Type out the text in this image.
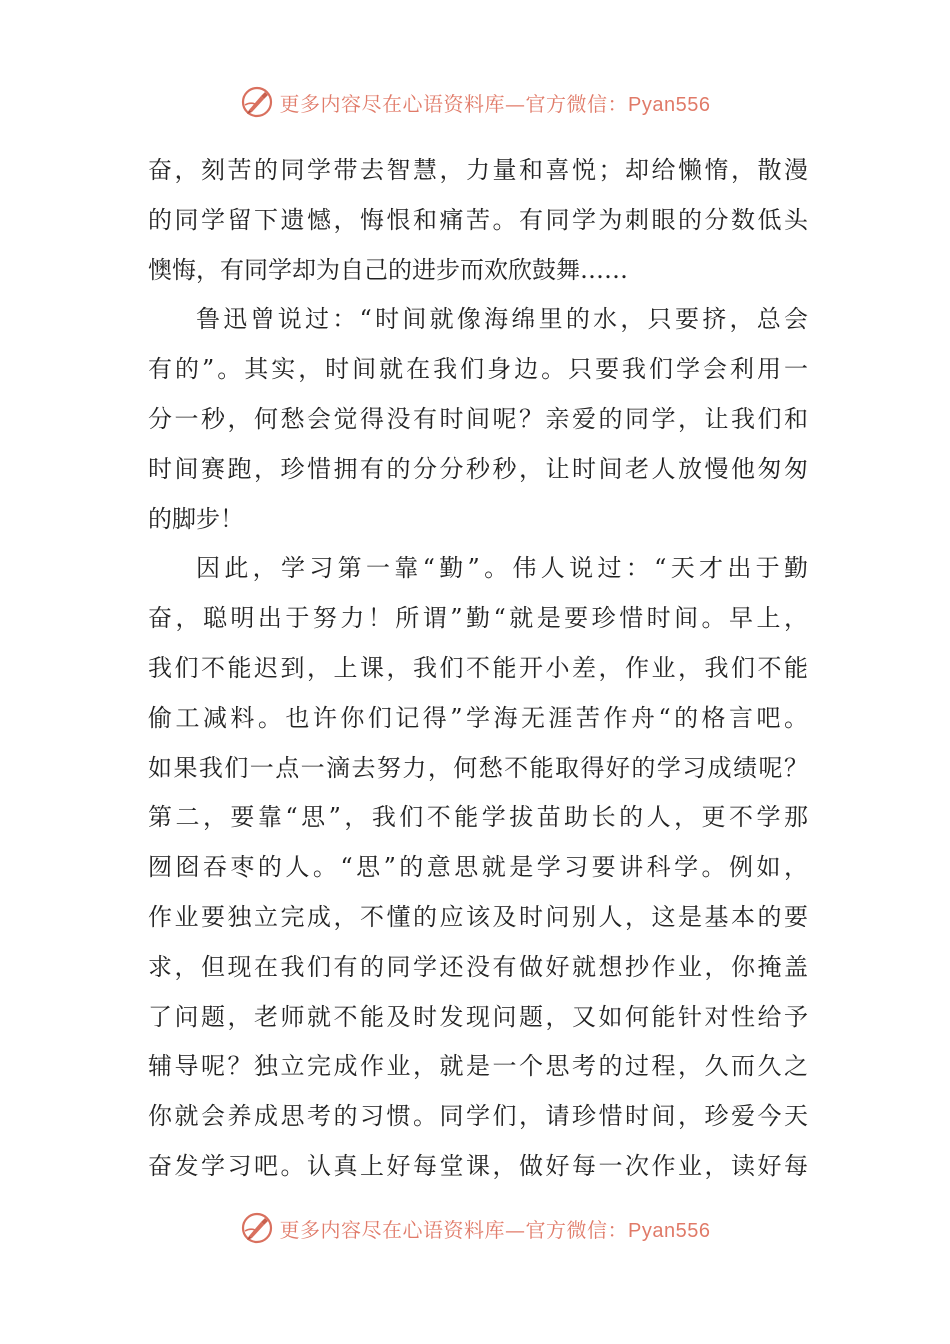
更多内容尽在心语资料库—官方微信：Pyan556
奋，刻苦的同学带去智慧，力量和喜悦；却给懒惰，散漫
的同学留下遗憾，悔恨和痛苦。有同学为刺眼的分数低头
懊悔，有同学却为自己的进步而欢欣鼓舞……
鲁迅曾说过：“时间就像海绵里的水，只要挤，总会
有的”。其实，时间就在我们身边。只要我们学会利用一
分一秒，何愁会觉得没有时间呢？亲爱的同学，让我们和
时间赛跑，珍惜拥有的分分秒秒，让时间老人放慢他匆匆
的脚步！
因此，学习第一靠“勤”。伟人说过：“天才出于勤
奋，聪明出于努力！所谓”勤“就是要珍惜时间。早上，
我们不能迟到，上课，我们不能开小差，作业，我们不能
偷工减料。也许你们记得”学海无涯苦作舟“的格言吧。
如果我们一点一滴去努力，何愁不能取得好的学习成绩呢？
第二，要靠“思”，我们不能学拔苗助长的人，更不学那
囫囵吞枣的人。“思”的意思就是学习要讲科学。例如，
作业要独立完成，不懂的应该及时问别人，这是基本的要
求，但现在我们有的同学还没有做好就想抄作业，你掩盖
了问题，老师就不能及时发现问题，又如何能针对性给予
辅导呢？独立完成作业，就是一个思考的过程，久而久之
你就会养成思考的习惯。同学们，请珍惜时间，珍爱今天
奋发学习吧。认真上好每堂课，做好每一次作业，读好每
更多内容尽在心语资料库—官方微信：Pyan556
